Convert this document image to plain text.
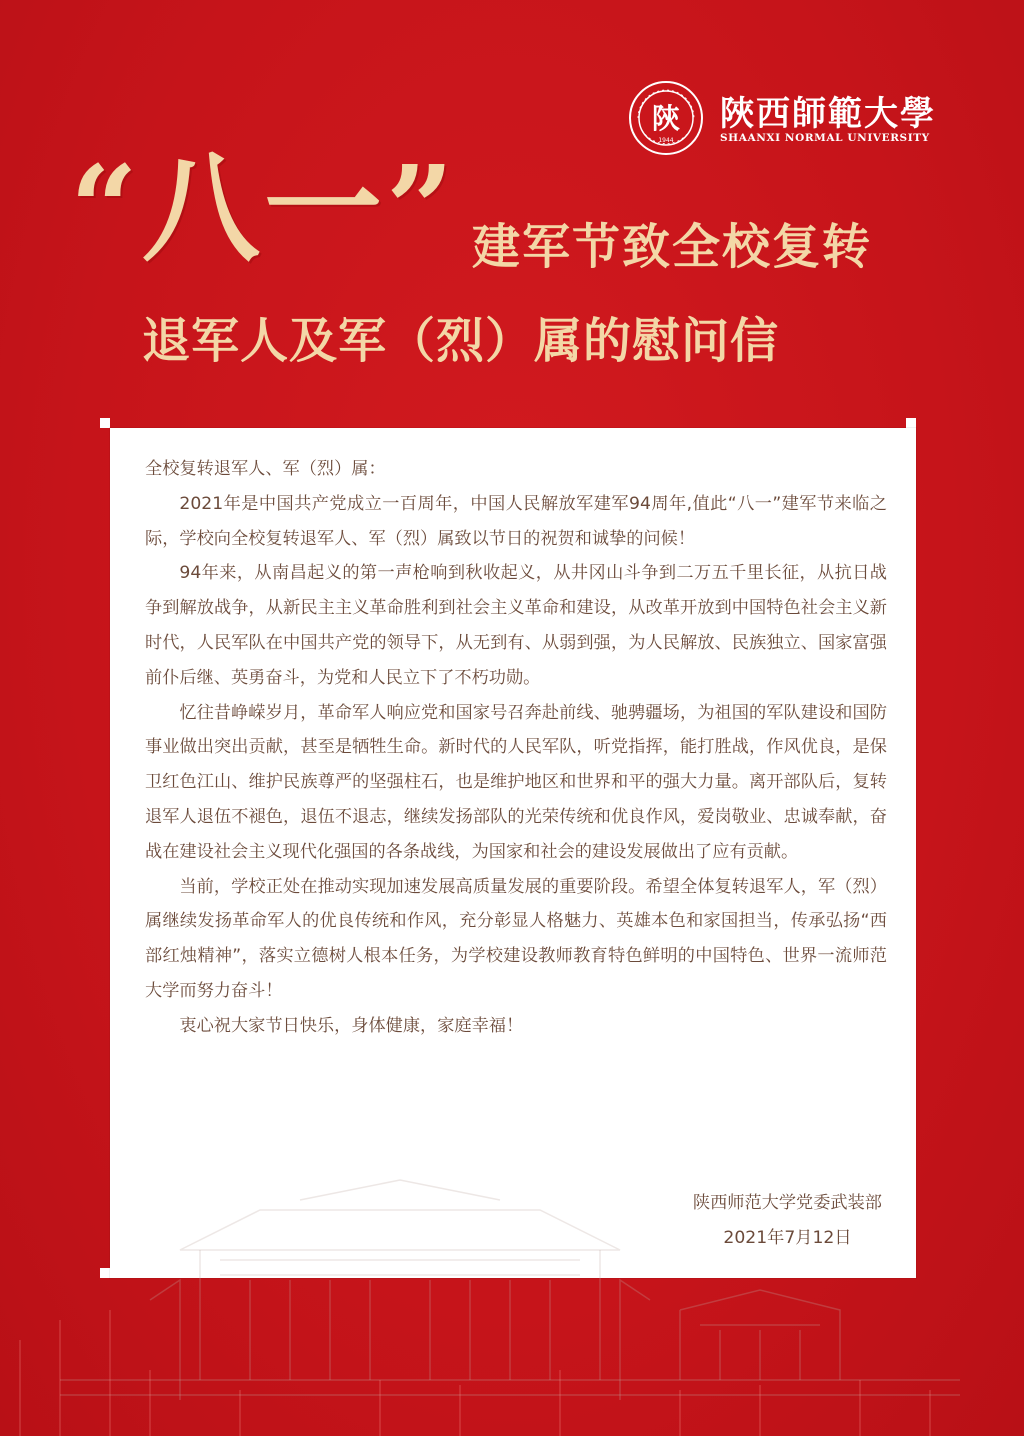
陝
1944
陜西師範大學
SHAANXI NORMAL UNIVERSITY
“八一” 建军节致全校复转
退军人及军（烈）属的慰问信

全校复转退军人、军（烈）属：

2021年是中国共产党成立一百周年，中国人民解放军建军94周年,值此“八一”建军节来临之际，学校向全校复转退军人、军（烈）属致以节日的祝贺和诚挚的问候！

94年来，从南昌起义的第一声枪响到秋收起义，从井冈山斗争到二万五千里长征，从抗日战争到解放战争，从新民主主义革命胜利到社会主义革命和建设，从改革开放到中国特色社会主义新时代，人民军队在中国共产党的领导下，从无到有、从弱到强，为人民解放、民族独立、国家富强前仆后继、英勇奋斗，为党和人民立下了不朽功勋。

忆往昔峥嵘岁月，革命军人响应党和国家号召奔赴前线、驰骋疆场，为祖国的军队建设和国防事业做出突出贡献，甚至是牺牲生命。新时代的人民军队，听党指挥，能打胜战，作风优良，是保卫红色江山、维护民族尊严的坚强柱石，也是维护地区和世界和平的强大力量。离开部队后，复转退军人退伍不褪色，退伍不退志，继续发扬部队的光荣传统和优良作风，爱岗敬业、忠诚奉献，奋战在建设社会主义现代化强国的各条战线，为国家和社会的建设发展做出了应有贡献。

当前，学校正处在推动实现加速发展高质量发展的重要阶段。希望全体复转退军人，军（烈）属继续发扬革命军人的优良传统和作风，充分彰显人格魅力、英雄本色和家国担当，传承弘扬“西部红烛精神”，落实立德树人根本任务，为学校建设教师教育特色鲜明的中国特色、世界一流师范大学而努力奋斗！

衷心祝大家节日快乐，身体健康，家庭幸福！

陕西师范大学党委武装部
2021年7月12日
